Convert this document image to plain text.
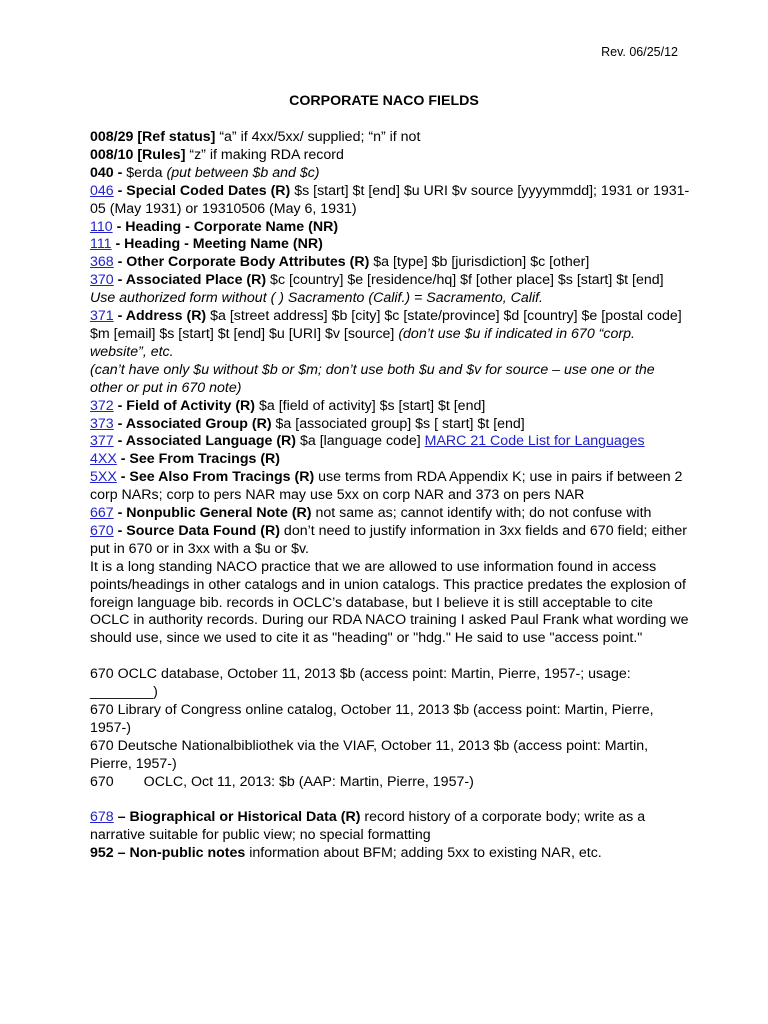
Rev. 06/25/12
CORPORATE NACO FIELDS

008/29 [Ref status] “a” if 4xx/5xx/ supplied; “n” if not

008/10 [Rules] “z” if making RDA record

040 - $erda (put between $b and $c)

046 - Special Coded Dates (R) $s [start] $t [end] $u URI $v source [yyyymmdd]; 1931 or 1931-05 (May 1931) or 19310506 (May 6, 1931)

110 - Heading - Corporate Name (NR)

111 - Heading - Meeting Name (NR)

368 - Other Corporate Body Attributes (R) $a [type] $b [jurisdiction] $c [other]

370 - Associated Place (R) $c [country] $e [residence/hq] $f [other place] $s [start] $t [end] Use authorized form without ( ) Sacramento (Calif.) = Sacramento, Calif.

371 - Address (R) $a [street address] $b [city] $c [state/province] $d [country] $e [postal code] $m [email] $s [start] $t [end] $u [URI] $v [source] (don’t use $u if indicated in 670 “corp. website”, etc.

(can’t have only $u without $b or $m; don’t use both $u and $v for source – use one or the other or put in 670 note)

372 - Field of Activity (R) $a [field of activity] $s [start] $t [end]

373 - Associated Group (R) $a [associated group] $s [ start] $t [end]

377 - Associated Language (R) $a [language code] MARC 21 Code List for Languages

4XX - See From Tracings (R)

5XX - See Also From Tracings (R) use terms from RDA Appendix K; use in pairs if between 2 corp NARs; corp to pers NAR may use 5xx on corp NAR and 373 on pers NAR

667 - Nonpublic General Note (R) not same as; cannot identify with; do not confuse with

670 - Source Data Found (R) don’t need to justify information in 3xx fields and 670 field; either put in 670 or in 3xx with a $u or $v.

It is a long standing NACO practice that we are allowed to use information found in access points/headings in other catalogs and in union catalogs. This practice predates the explosion of foreign language bib. records in OCLC’s database, but I believe it is still acceptable to cite OCLC in authority records. During our RDA NACO training I asked Paul Frank what wording we should use, since we used to cite it as "heading" or "hdg." He said to use "access point."

670 OCLC database, October 11, 2013 $b (access point: Martin, Pierre, 1957-; usage: ________)

670 Library of Congress online catalog, October 11, 2013 $b (access point: Martin, Pierre, 1957-)

670 Deutsche Nationalbibliothek via the VIAF, October 11, 2013 $b (access point: Martin, Pierre, 1957-)

670 OCLC, Oct 11, 2013: $b (AAP: Martin, Pierre, 1957-)

678 – Biographical or Historical Data (R) record history of a corporate body; write as a narrative suitable for public view; no special formatting

952 – Non-public notes information about BFM; adding 5xx to existing NAR, etc.
